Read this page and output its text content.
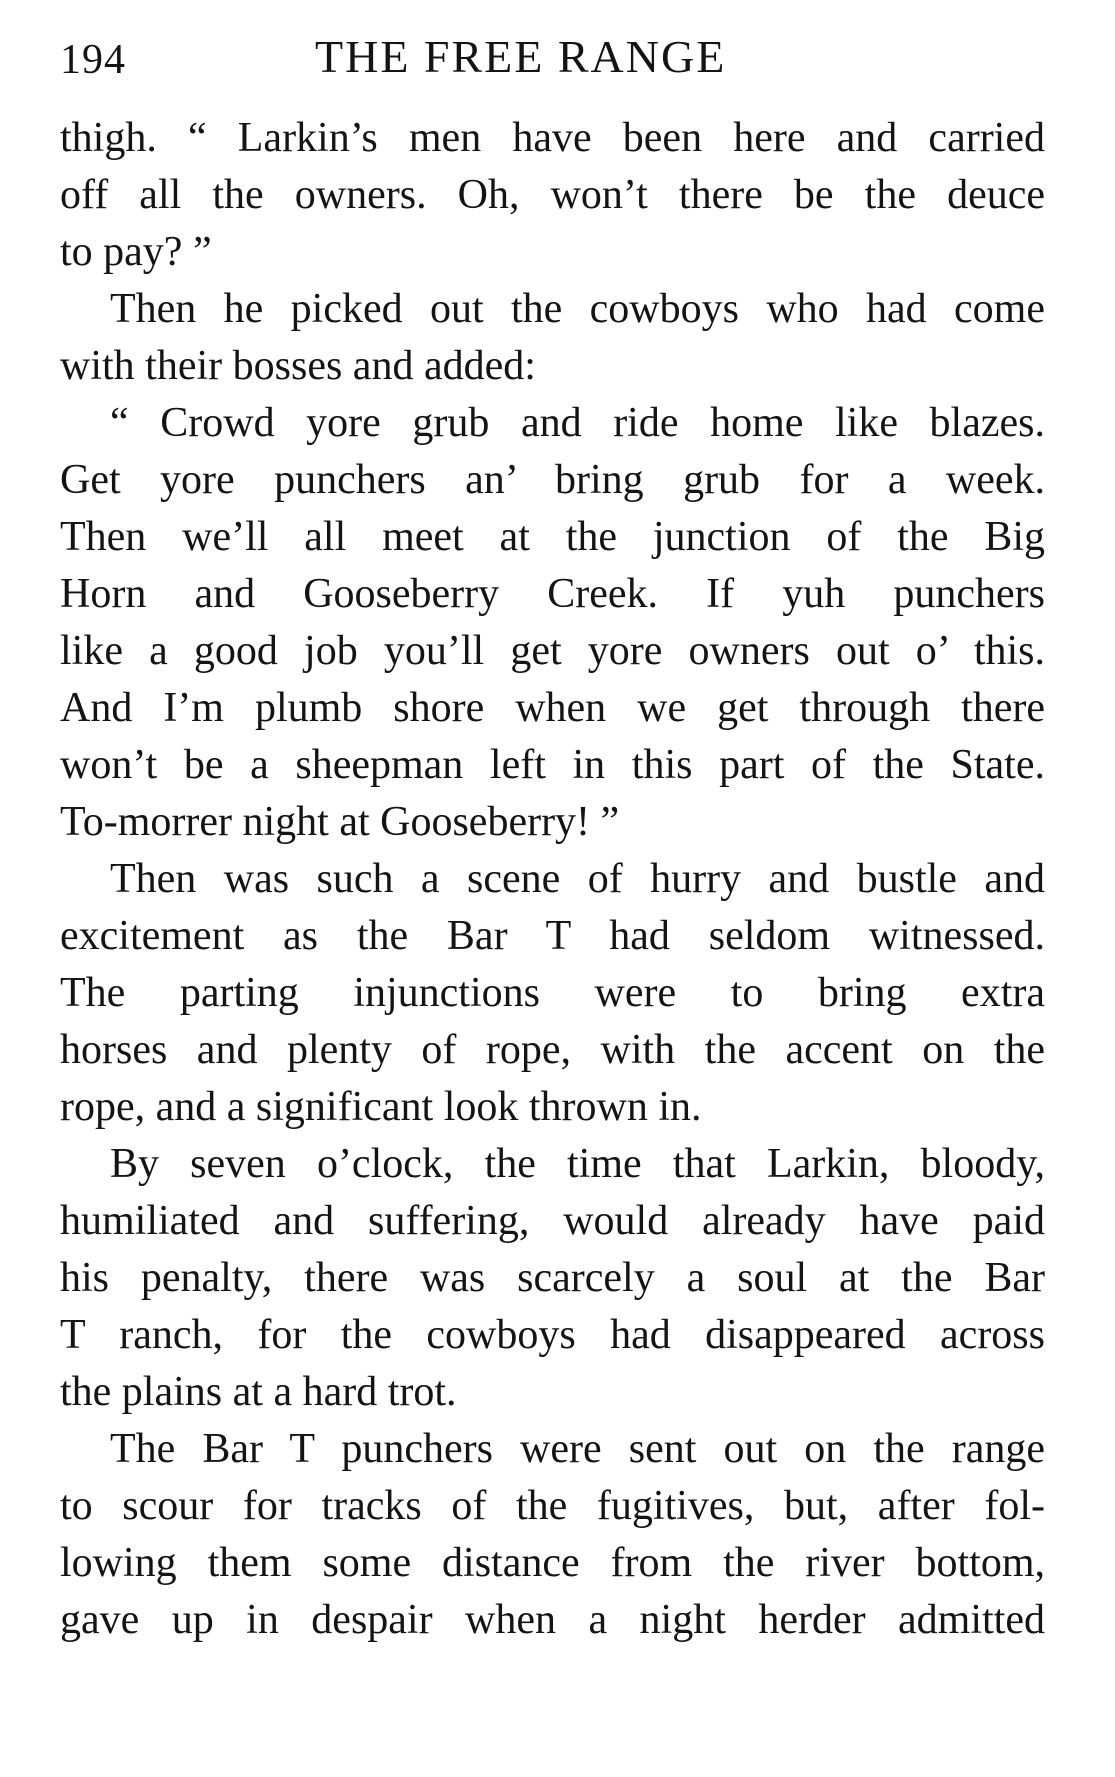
194	THE FREE RANGE
thigh. “ Larkin’s men have been here and carried
off all the owners. Oh, won’t there be the deuce
to pay? ”
Then he picked out the cowboys who had come
with their bosses and added:
“ Crowd yore grub and ride home like blazes.
Get yore punchers an’ bring grub for a week.
Then we’ll all meet at the junction of the Big
Horn and Gooseberry Creek. If yuh punchers
like a good job you’ll get yore owners out o’ this.
And I’m plumb shore when we get through there
won’t be a sheepman left in this part of the State.
To-morrer night at Gooseberry! ”
Then was such a scene of hurry and bustle and
excitement as the Bar T had seldom witnessed.
The parting injunctions were to bring extra
horses and plenty of rope, with the accent on the
rope, and a significant look thrown in.
By seven o’clock, the time that Larkin, bloody,
humiliated and suffering, would already have paid
his penalty, there was scarcely a soul at the Bar
T ranch, for the cowboys had disappeared across
the plains at a hard trot.
The Bar T punchers were sent out on the range
to scour for tracks of the fugitives, but, after fol-
lowing them some distance from the river bottom,
gave up in despair when a night herder admitted
